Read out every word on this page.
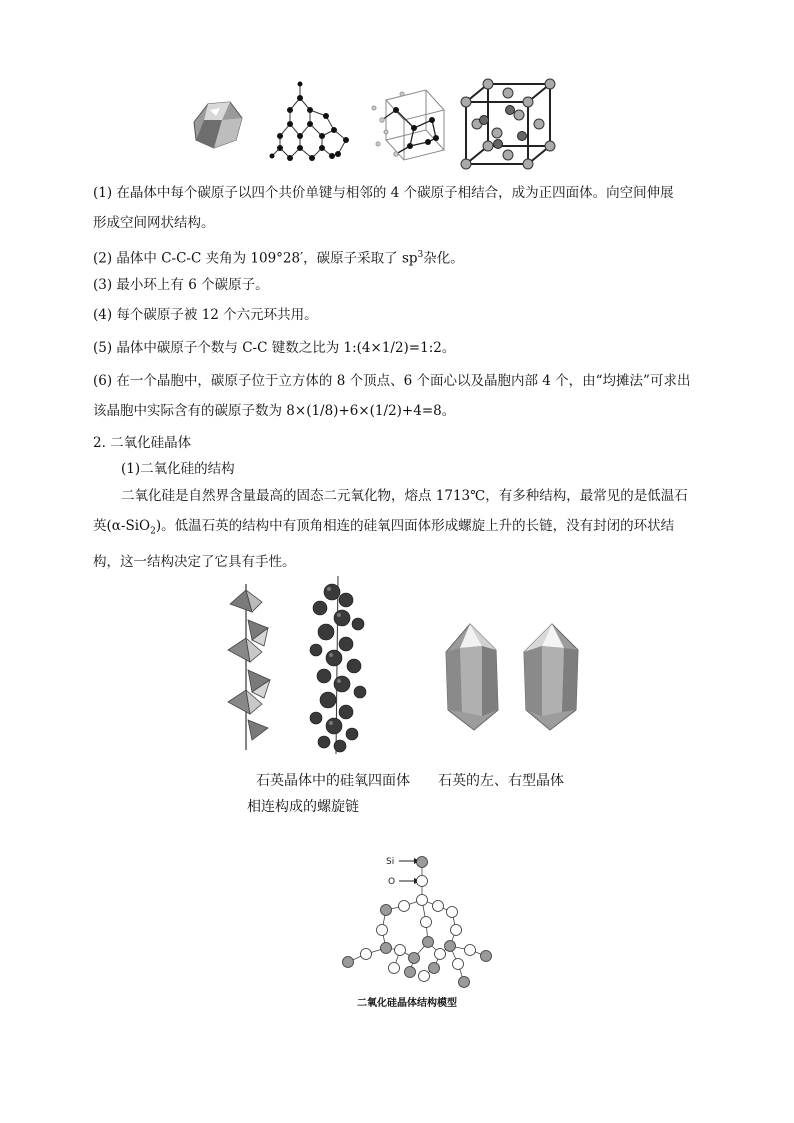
(1) 在晶体中每个碳原子以四个共价单键与相邻的 4 个碳原子相结合，成为正四面体。向空间伸展
形成空间网状结构。
(2) 晶体中 C-C-C 夹角为 109°28′，碳原子采取了 $sp^3$杂化。
(3) 最小环上有 6 个碳原子。
(4) 每个碳原子被 12 个六元环共用。
(5) 晶体中碳原子个数与 C-C 键数之比为 1:(4×1/2)=1:2。
(6) 在一个晶胞中，碳原子位于立方体的 8 个顶点、6 个面心以及晶胞内部 4 个，由“均摊法”可求出
该晶胞中实际含有的碳原子数为 8×(1/8)+6×(1/2)+4=8。
2. 二氧化硅晶体
(1)二氧化硅的结构
二氧化硅是自然界含量最高的固态二元氧化物，熔点 1713℃，有多种结构，最常见的是低温石
英(α-SiO$_2$)。低温石英的结构中有顶角相连的硅氧四面体形成螺旋上升的长链，没有封闭的环状结
构，这一结构决定了它具有手性。
石英晶体中的硅氧四面体
相连构成的螺旋链
石英的左、右型晶体
Si
O
二氧化硅晶体结构模型
